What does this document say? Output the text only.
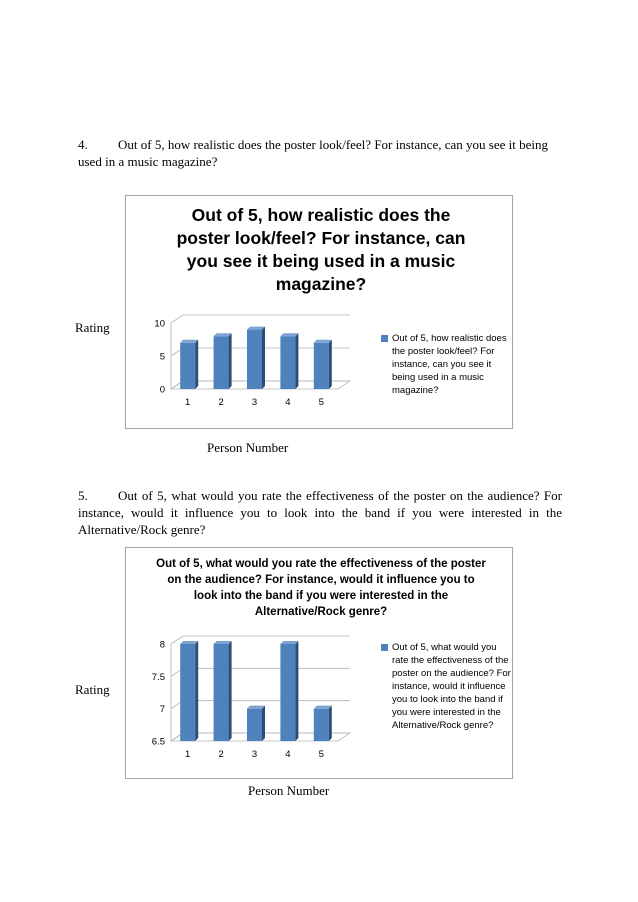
4. Out of 5, how realistic does the poster look/feel? For instance, can you see it being used in a music magazine?
Out of 5, how realistic does the poster look/feel? For instance, can you see it being used in a music magazine?
0
5
10
1	2	3	4	5
Out of 5, how realistic does the poster look/feel? For instance, can you see it being used in a music magazine?
Rating
Person Number
5. Out of 5, what would you rate the effectiveness of the poster on the audience? For instance, would it influence you to look into the band if you were interested in the Alternative/Rock genre?
Out of 5, what would you rate the effectiveness of the poster on the audience? For instance, would it influence you to look into the band if you were interested in the Alternative/Rock genre?
6.5
7
7.5
8
1	2	3	4	5
Out of 5, what would you rate the effectiveness of the poster on the audience? For instance, would it influence you to look into the band if you were interested in the Alternative/Rock genre?
Rating
Person Number
